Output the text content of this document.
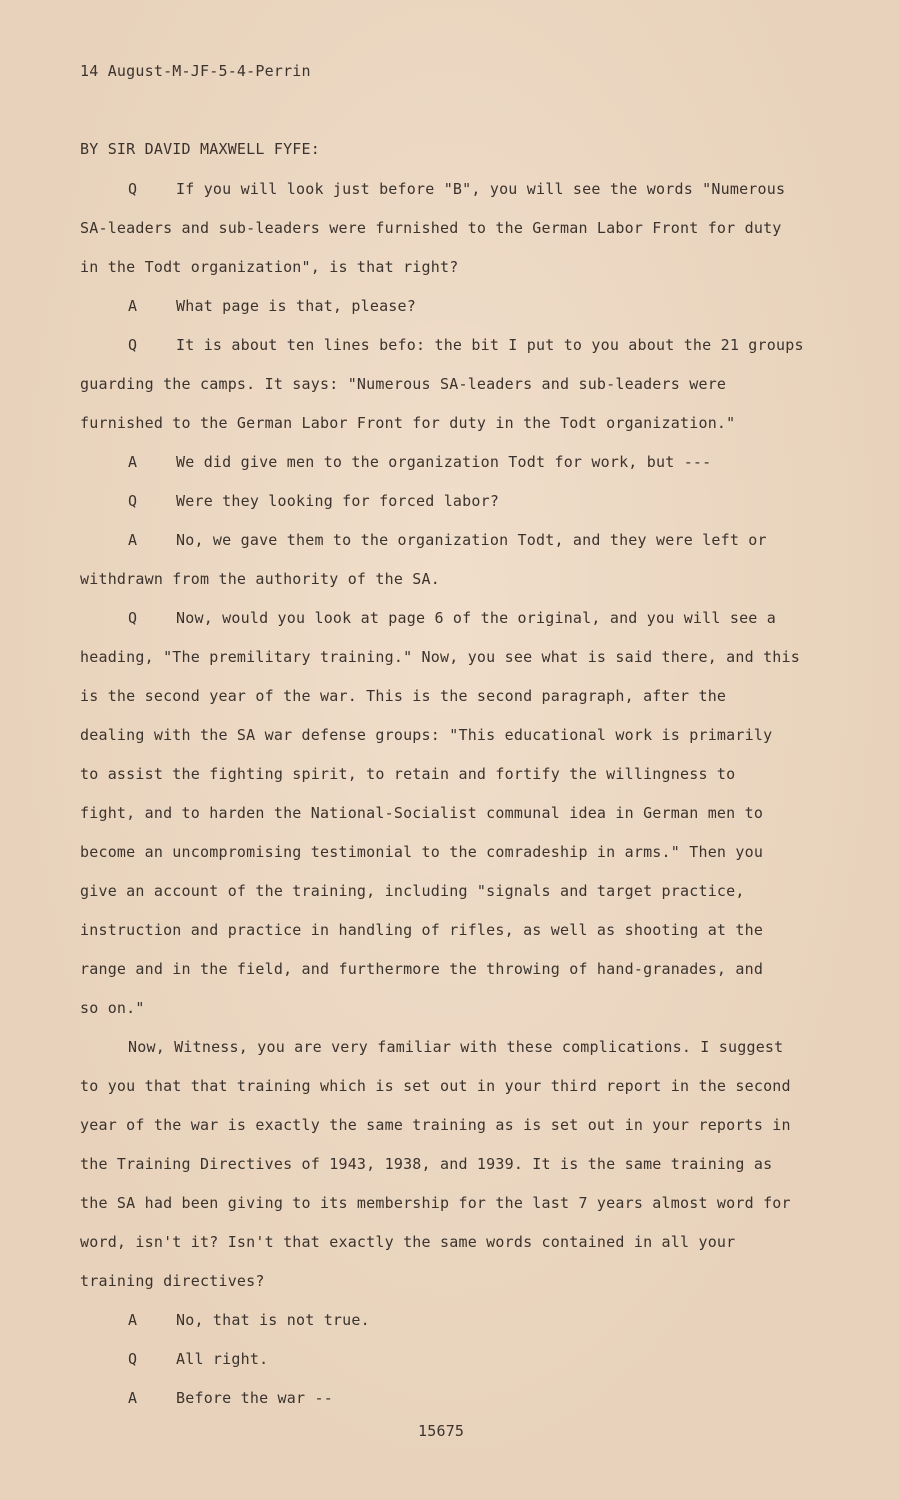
14 August-M-JF-5-4-Perrin
BY SIR DAVID MAXWELL FYFE:
Q	If you will look just before "B", you will see the words "Numerous
SA-leaders and sub-leaders were furnished to the German Labor Front for duty
in the Todt organization", is that right?
A	What page is that, please?
Q	It is about ten lines befo: the bit I put to you about the 21 groups
guarding the camps. It says: "Numerous SA-leaders and sub-leaders were
furnished to the German Labor Front for duty in the Todt organization."
A	We did give men to the organization Todt for work, but ---
Q	Were they looking for forced labor?
A	No, we gave them to the organization Todt, and they were left or
withdrawn from the authority of the SA.
Q	Now, would you look at page 6 of the original, and you will see a
heading, "The premilitary training." Now, you see what is said there, and this
is the second year of the war. This is the second paragraph, after the
dealing with the SA war defense groups: "This educational work is primarily
to assist the fighting spirit, to retain and fortify the willingness to
fight, and to harden the National-Socialist communal idea in German men to
become an uncompromising testimonial to the comradeship in arms." Then you
give an account of the training, including "signals and target practice,
instruction and practice in handling of rifles, as well as shooting at the
range and in the field, and furthermore the throwing of hand-granades, and
so on."
Now, Witness, you are very familiar with these complications. I suggest
to you that that training which is set out in your third report in the second
year of the war is exactly the same training as is set out in your reports in
the Training Directives of 1943, 1938, and 1939. It is the same training as
the SA had been giving to its membership for the last 7 years almost word for
word, isn't it? Isn't that exactly the same words contained in all your
training directives?
A	No, that is not true.
Q	All right.
A	Before the war --
15675
